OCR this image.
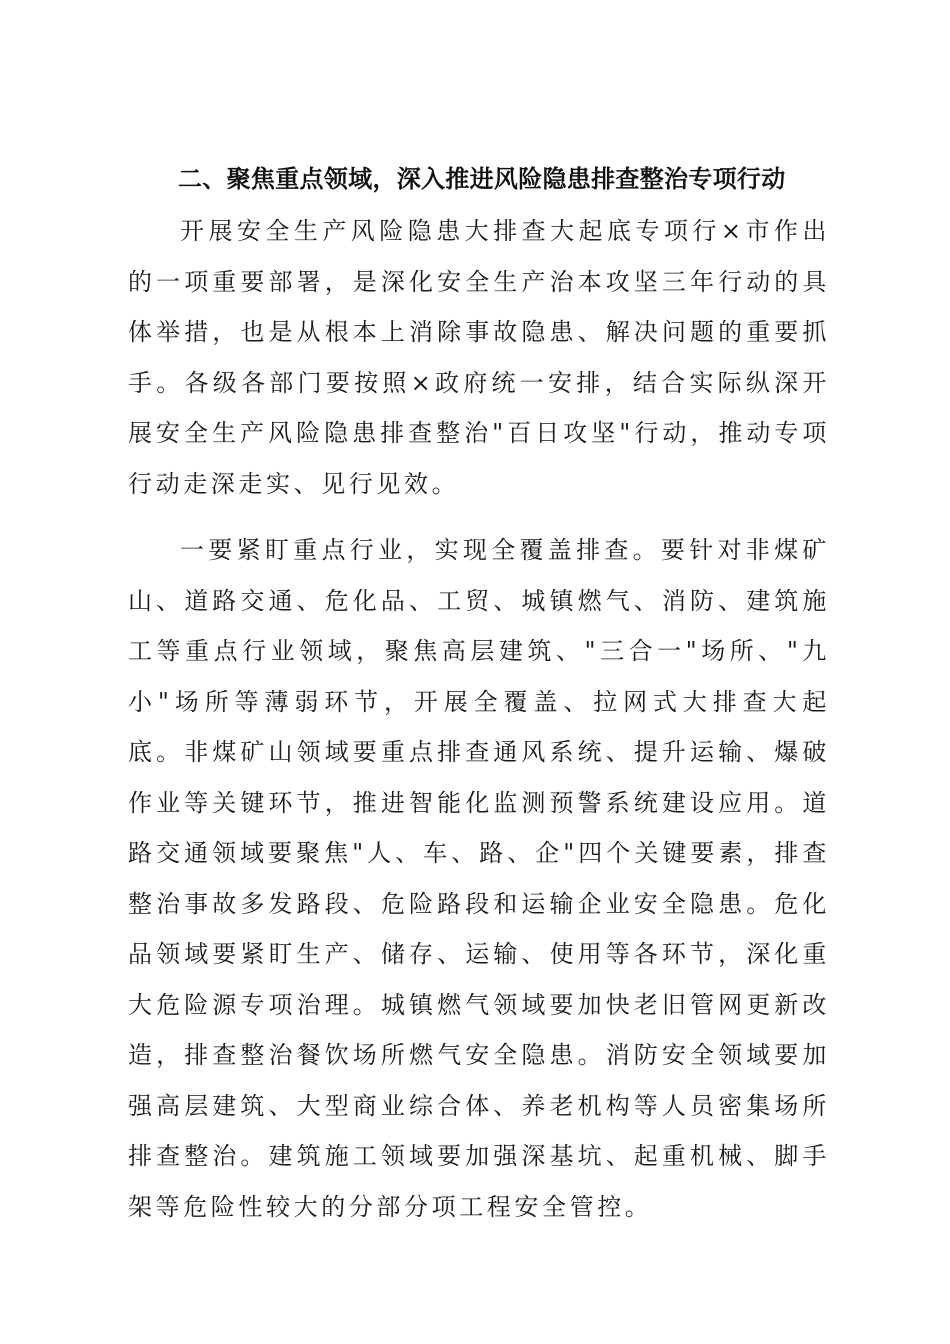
二、聚焦重点领域，深入推进风险隐患排查整治专项行动

开展安全生产风险隐患大排查大起底专项行×市作出的一项重要部署，是深化安全生产治本攻坚三年行动的具体举措，也是从根本上消除事故隐患、解决问题的重要抓手。各级各部门要按照×政府统一安排，结合实际纵深开展安全生产风险隐患排查整治"百日攻坚"行动，推动专项行动走深走实、见行见效。

一要紧盯重点行业，实现全覆盖排查。要针对非煤矿山、道路交通、危化品、工贸、城镇燃气、消防、建筑施工等重点行业领域，聚焦高层建筑、"三合一"场所、"九小"场所等薄弱环节，开展全覆盖、拉网式大排查大起底。非煤矿山领域要重点排查通风系统、提升运输、爆破作业等关键环节，推进智能化监测预警系统建设应用。道路交通领域要聚焦"人、车、路、企"四个关键要素，排查整治事故多发路段、危险路段和运输企业安全隐患。危化品领域要紧盯生产、储存、运输、使用等各环节，深化重大危险源专项治理。城镇燃气领域要加快老旧管网更新改造，排查整治餐饮场所燃气安全隐患。消防安全领域要加强高层建筑、大型商业综合体、养老机构等人员密集场所排查整治。建筑施工领域要加强深基坑、起重机械、脚手架等危险性较大的分部分项工程安全管控。
